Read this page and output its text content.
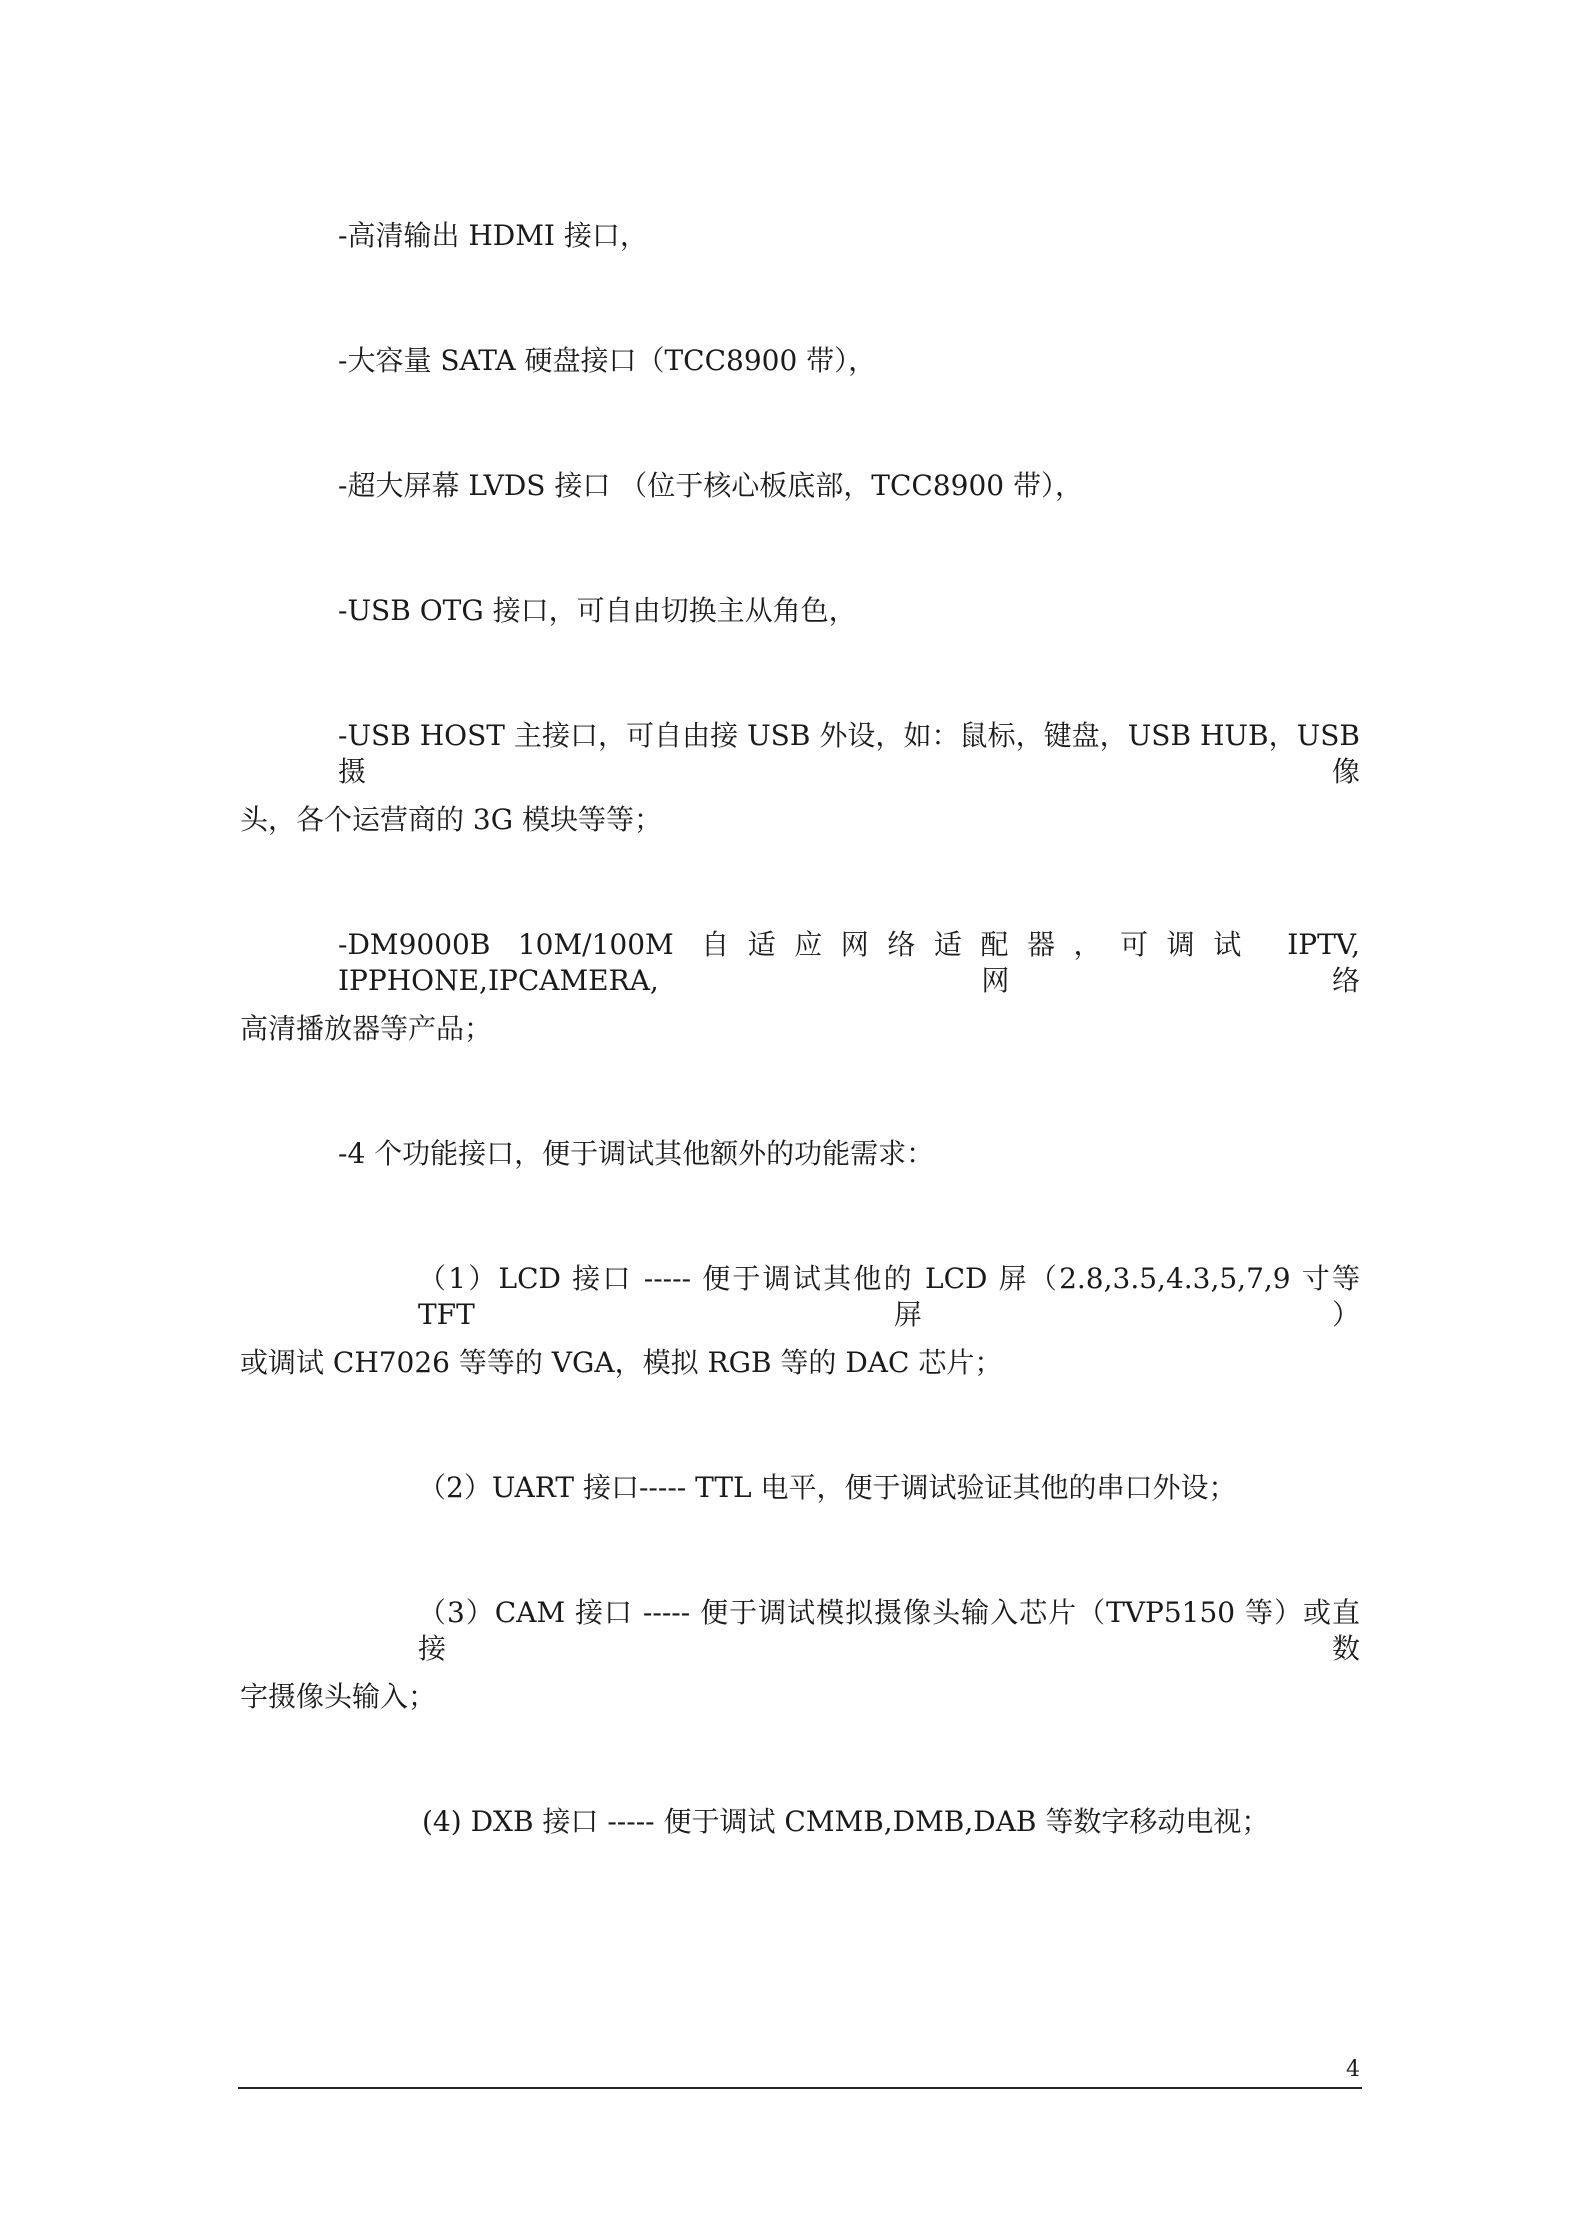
-高清输出 HDMI 接口，
-大容量 SATA 硬盘接口（TCC8900 带），
-超大屏幕 LVDS 接口 （位于核心板底部，TCC8900 带），
-USB OTG 接口，可自由切换主从角色，
-USB HOST 主接口，可自由接 USB 外设，如：鼠标，键盘，USB HUB，USB 摄像
头，各个运营商的 3G 模块等等；
-DM9000B 10M/100M 自适应网络适配器，可调试 IPTV, IPPHONE,IPCAMERA,网络
高清播放器等产品；
-4 个功能接口，便于调试其他额外的功能需求：
（1）LCD 接口 ----- 便于调试其他的 LCD 屏（2.8,3.5,4.3,5,7,9 寸等 TFT 屏）
或调试 CH7026 等等的 VGA，模拟 RGB 等的 DAC 芯片；
（2）UART 接口----- TTL 电平，便于调试验证其他的串口外设；
（3）CAM 接口 ----- 便于调试模拟摄像头输入芯片（TVP5150 等）或直接数
字摄像头输入；
(4) DXB 接口 ----- 便于调试 CMMB,DMB,DAB 等数字移动电视；
4
